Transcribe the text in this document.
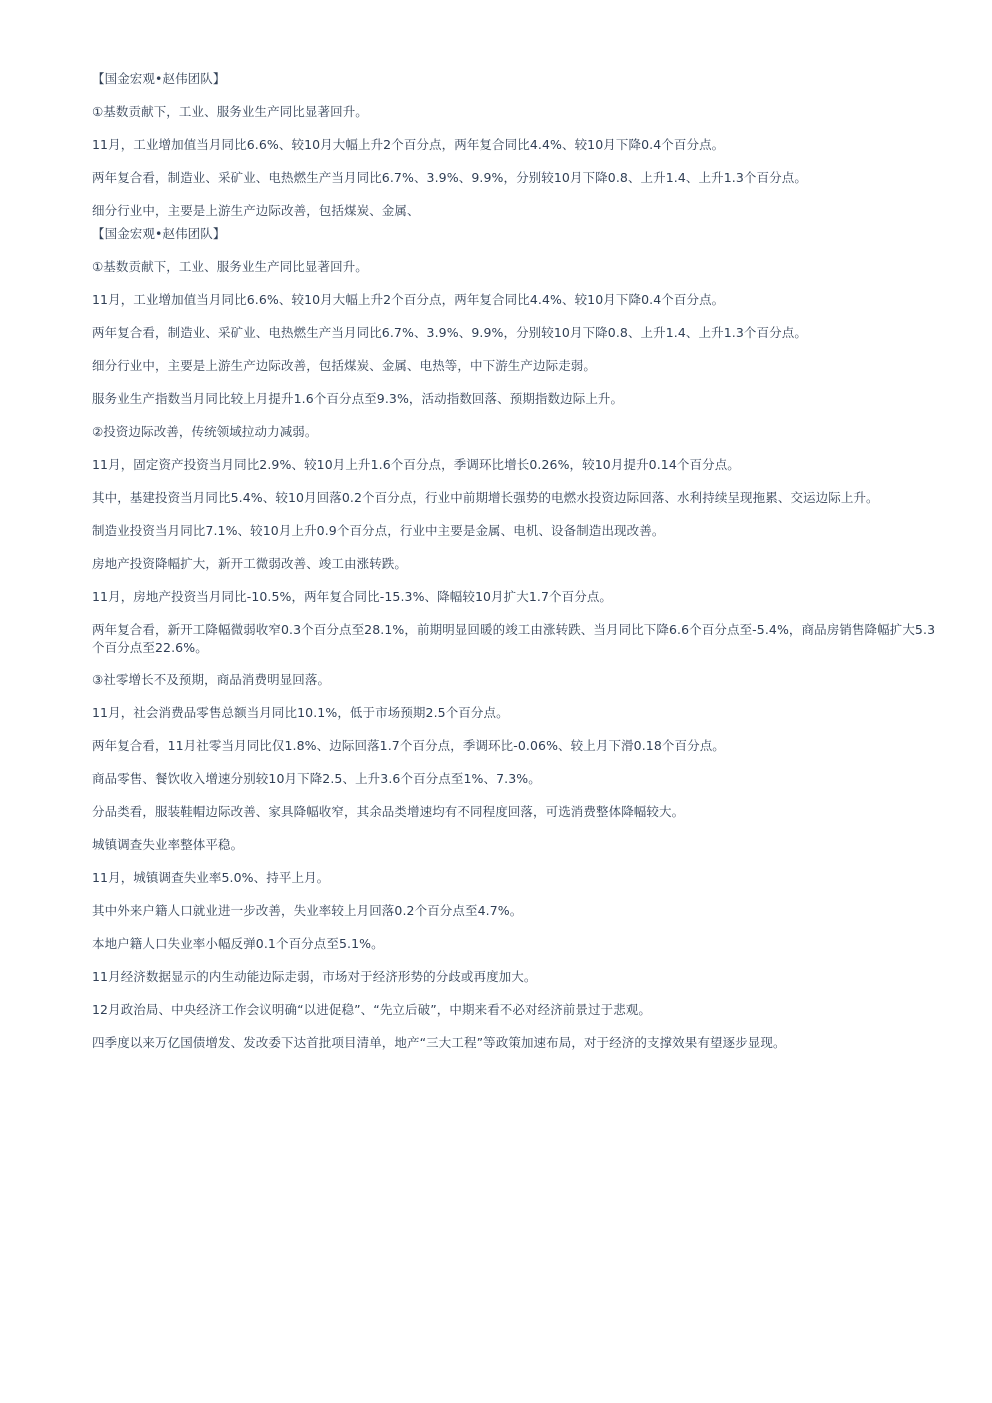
【国金宏观•赵伟团队】

①基数贡献下，工业、服务业生产同比显著回升。

11月，工业增加值当月同比6.6%、较10月大幅上升2个百分点，两年复合同比4.4%、较10月下降0.4个百分点。

两年复合看，制造业、采矿业、电热燃生产当月同比6.7%、3.9%、9.9%，分别较10月下降0.8、上升1.4、上升1.3个百分点。

细分行业中，主要是上游生产边际改善，包括煤炭、金属、

【国金宏观•赵伟团队】

①基数贡献下，工业、服务业生产同比显著回升。

11月，工业增加值当月同比6.6%、较10月大幅上升2个百分点，两年复合同比4.4%、较10月下降0.4个百分点。

两年复合看，制造业、采矿业、电热燃生产当月同比6.7%、3.9%、9.9%，分别较10月下降0.8、上升1.4、上升1.3个百分点。

细分行业中，主要是上游生产边际改善，包括煤炭、金属、电热等，中下游生产边际走弱。

服务业生产指数当月同比较上月提升1.6个百分点至9.3%，活动指数回落、预期指数边际上升。

②投资边际改善，传统领域拉动力减弱。

11月，固定资产投资当月同比2.9%、较10月上升1.6个百分点，季调环比增长0.26%，较10月提升0.14个百分点。

其中，基建投资当月同比5.4%、较10月回落0.2个百分点，行业中前期增长强势的电燃水投资边际回落、水利持续呈现拖累、交运边际上升。

制造业投资当月同比7.1%、较10月上升0.9个百分点，行业中主要是金属、电机、设备制造出现改善。

房地产投资降幅扩大，新开工微弱改善、竣工由涨转跌。

11月，房地产投资当月同比-10.5%，两年复合同比-15.3%、降幅较10月扩大1.7个百分点。

两年复合看，新开工降幅微弱收窄0.3个百分点至28.1%，前期明显回暖的竣工由涨转跌、当月同比下降6.6个百分点至-5.4%，商品房销售降幅扩大5.3个百分点至22.6%。

③社零增长不及预期，商品消费明显回落。

11月，社会消费品零售总额当月同比10.1%，低于市场预期2.5个百分点。

两年复合看，11月社零当月同比仅1.8%、边际回落1.7个百分点，季调环比-0.06%、较上月下滑0.18个百分点。

商品零售、餐饮收入增速分别较10月下降2.5、上升3.6个百分点至1%、7.3%。

分品类看，服装鞋帽边际改善、家具降幅收窄，其余品类增速均有不同程度回落，可选消费整体降幅较大。

城镇调查失业率整体平稳。

11月，城镇调查失业率5.0%、持平上月。

其中外来户籍人口就业进一步改善，失业率较上月回落0.2个百分点至4.7%。

本地户籍人口失业率小幅反弹0.1个百分点至5.1%。

11月经济数据显示的内生动能边际走弱，市场对于经济形势的分歧或再度加大。

12月政治局、中央经济工作会议明确“以进促稳”、“先立后破”，中期来看不必对经济前景过于悲观。

四季度以来万亿国债增发、发改委下达首批项目清单，地产“三大工程”等政策加速布局，对于经济的支撑效果有望逐步显现。
